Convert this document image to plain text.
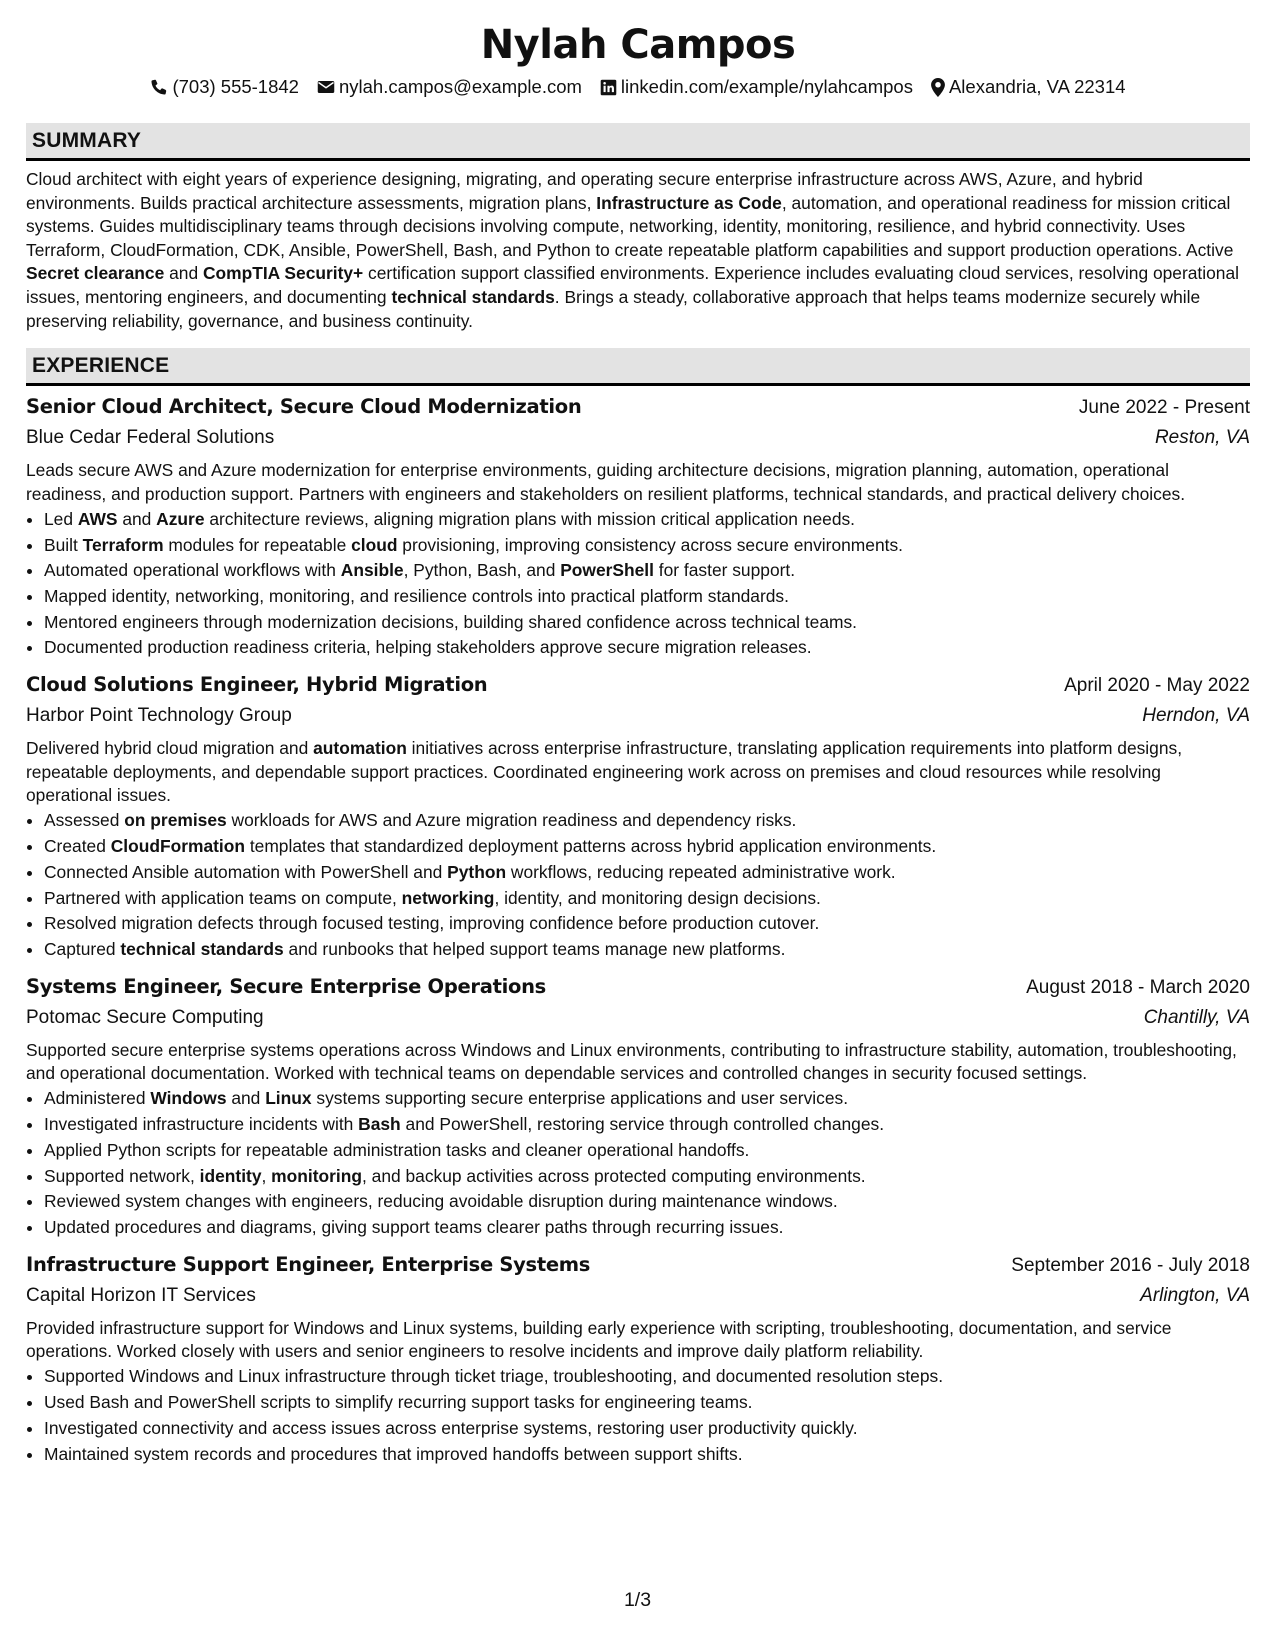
Nylah Campos
(703) 555-1842 nylah.campos@example.com linkedin.com/example/nylahcampos Alexandria, VA 22314
SUMMARY
Cloud architect with eight years of experience designing, migrating, and operating secure enterprise infrastructure across AWS, Azure, and hybrid environments. Builds practical architecture assessments, migration plans, Infrastructure as Code, automation, and operational readiness for mission critical systems. Guides multidisciplinary teams through decisions involving compute, networking, identity, monitoring, resilience, and hybrid connectivity. Uses Terraform, CloudFormation, CDK, Ansible, PowerShell, Bash, and Python to create repeatable platform capabilities and support production operations. Active Secret clearance and CompTIA Security+ certification support classified environments. Experience includes evaluating cloud services, resolving operational issues, mentoring engineers, and documenting technical standards. Brings a steady, collaborative approach that helps teams modernize securely while preserving reliability, governance, and business continuity.
EXPERIENCE
Senior Cloud Architect, Secure Cloud Modernization	June 2022 - Present
Blue Cedar Federal Solutions	Reston, VA
Leads secure AWS and Azure modernization for enterprise environments, guiding architecture decisions, migration planning, automation, operational readiness, and production support. Partners with engineers and stakeholders on resilient platforms, technical standards, and practical delivery choices.
• Led AWS and Azure architecture reviews, aligning migration plans with mission critical application needs.
• Built Terraform modules for repeatable cloud provisioning, improving consistency across secure environments.
• Automated operational workflows with Ansible, Python, Bash, and PowerShell for faster support.
• Mapped identity, networking, monitoring, and resilience controls into practical platform standards.
• Mentored engineers through modernization decisions, building shared confidence across technical teams.
• Documented production readiness criteria, helping stakeholders approve secure migration releases.
Cloud Solutions Engineer, Hybrid Migration	April 2020 - May 2022
Harbor Point Technology Group	Herndon, VA
Delivered hybrid cloud migration and automation initiatives across enterprise infrastructure, translating application requirements into platform designs, repeatable deployments, and dependable support practices. Coordinated engineering work across on premises and cloud resources while resolving operational issues.
• Assessed on premises workloads for AWS and Azure migration readiness and dependency risks.
• Created CloudFormation templates that standardized deployment patterns across hybrid application environments.
• Connected Ansible automation with PowerShell and Python workflows, reducing repeated administrative work.
• Partnered with application teams on compute, networking, identity, and monitoring design decisions.
• Resolved migration defects through focused testing, improving confidence before production cutover.
• Captured technical standards and runbooks that helped support teams manage new platforms.
Systems Engineer, Secure Enterprise Operations	August 2018 - March 2020
Potomac Secure Computing	Chantilly, VA
Supported secure enterprise systems operations across Windows and Linux environments, contributing to infrastructure stability, automation, troubleshooting, and operational documentation. Worked with technical teams on dependable services and controlled changes in security focused settings.
• Administered Windows and Linux systems supporting secure enterprise applications and user services.
• Investigated infrastructure incidents with Bash and PowerShell, restoring service through controlled changes.
• Applied Python scripts for repeatable administration tasks and cleaner operational handoffs.
• Supported network, identity, monitoring, and backup activities across protected computing environments.
• Reviewed system changes with engineers, reducing avoidable disruption during maintenance windows.
• Updated procedures and diagrams, giving support teams clearer paths through recurring issues.
Infrastructure Support Engineer, Enterprise Systems	September 2016 - July 2018
Capital Horizon IT Services	Arlington, VA
Provided infrastructure support for Windows and Linux systems, building early experience with scripting, troubleshooting, documentation, and service operations. Worked closely with users and senior engineers to resolve incidents and improve daily platform reliability.
• Supported Windows and Linux infrastructure through ticket triage, troubleshooting, and documented resolution steps.
• Used Bash and PowerShell scripts to simplify recurring support tasks for engineering teams.
• Investigated connectivity and access issues across enterprise systems, restoring user productivity quickly.
• Maintained system records and procedures that improved handoffs between support shifts.
1/3
